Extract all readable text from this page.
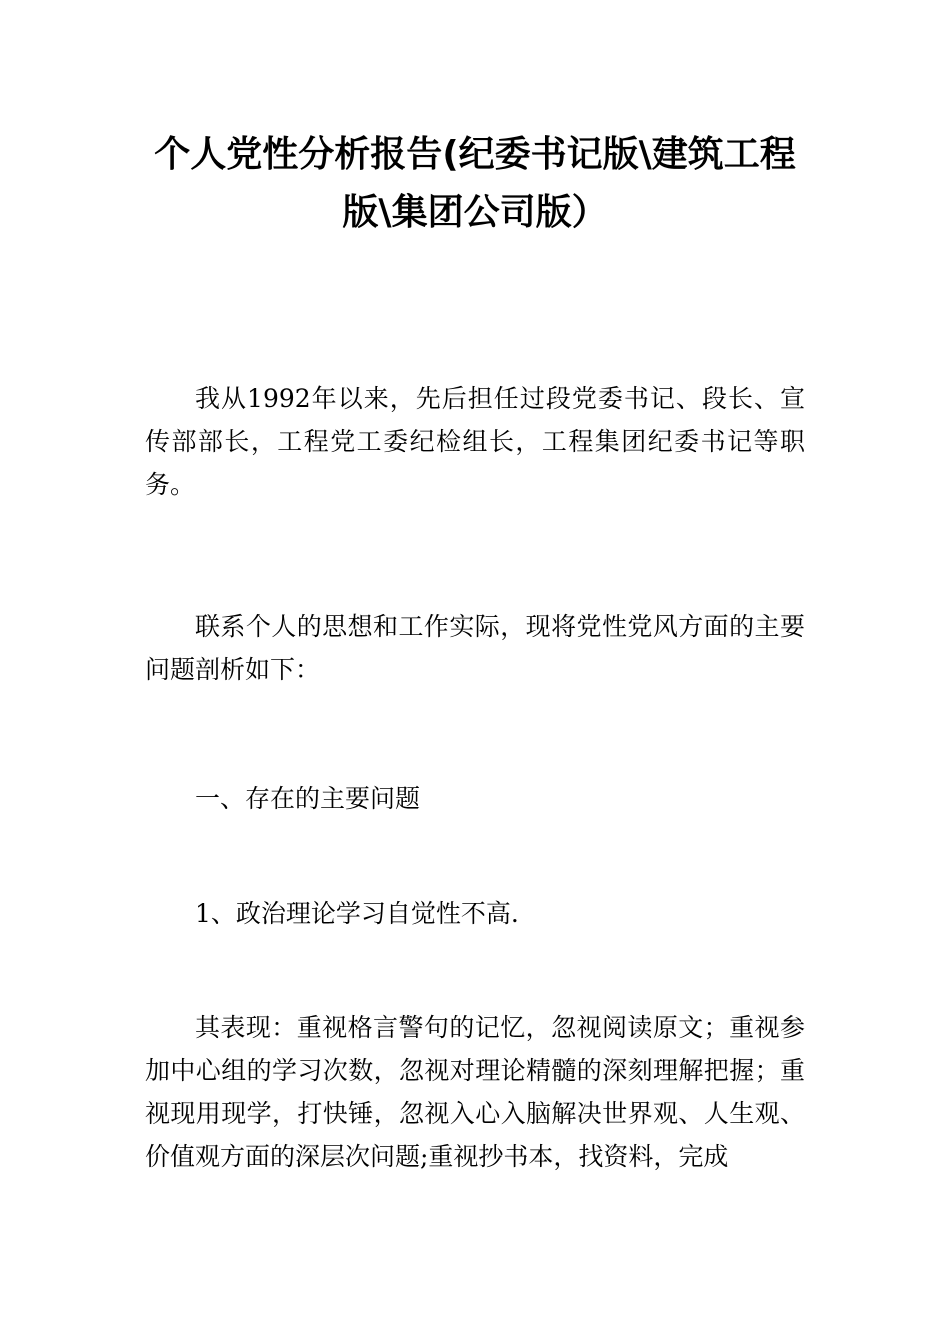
个人党性分析报告(纪委书记版\建筑工程版\集团公司版）

我从1992年以来，先后担任过段党委书记、段长、宣传部部长，工程党工委纪检组长，工程集团纪委书记等职务。

联系个人的思想和工作实际，现将党性党风方面的主要问题剖析如下：

一、存在的主要问题

1、政治理论学习自觉性不高.

其表现：重视格言警句的记忆，忽视阅读原文；重视参加中心组的学习次数，忽视对理论精髓的深刻理解把握；重视现用现学，打快锤，忽视入心入脑解决世界观、人生观、价值观方面的深层次问题;重视抄书本，找资料，完成
